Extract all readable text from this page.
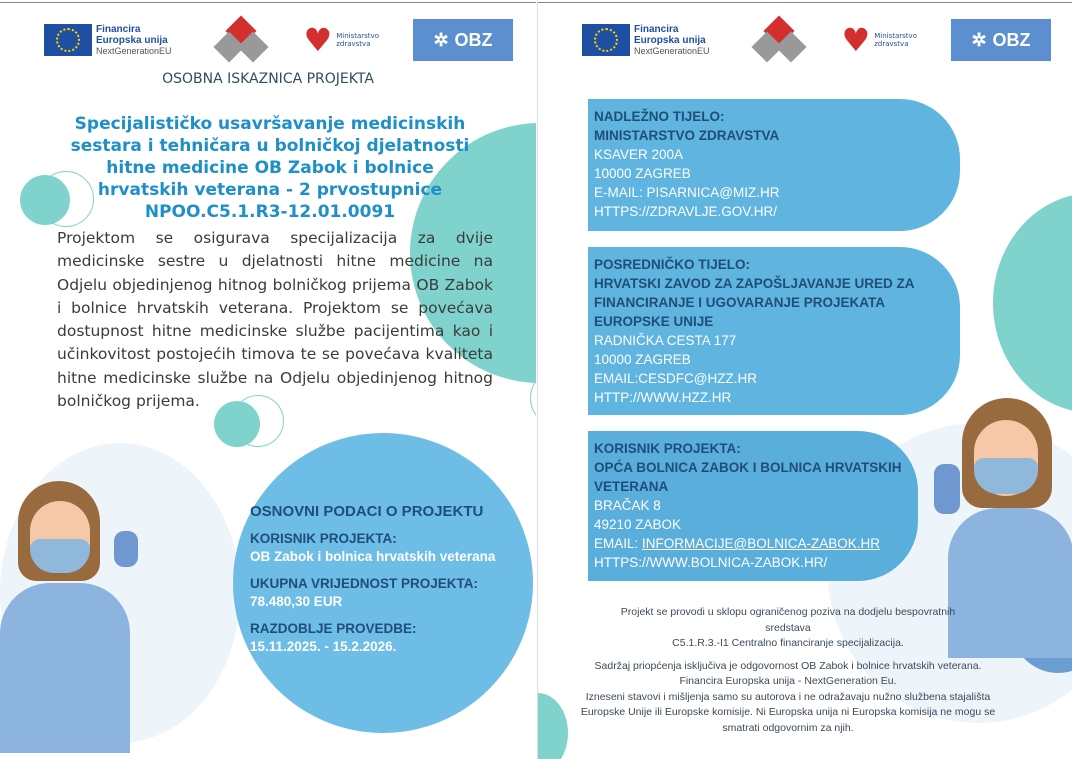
Financira
Europska unija
NextGenerationEU	♥ Ministarstvo
zdravstva	✲ OBZ
OSOBNA ISKAZNICA PROJEKTA
Specijalističko usavršavanje medicinskih sestara i tehničara u bolničkoj djelatnosti hitne medicine OB Zabok i bolnice hrvatskih veterana - 2 prvostupnice
NPOO.C5.1.R3-12.01.0091
Projektom se osigurava specijalizacija za dvije medicinske sestre u djelatnosti hitne medicine na Odjelu objedinjenog hitnog bolničkog prijema OB Zabok i bolnice hrvatskih veterana. Projektom se povećava dostupnost hitne medicinske službe pacijentima kao i učinkovitost postojećih timova te se povećava kvaliteta hitne medicinske službe na Odjelu objedinjenog hitnog bolničkog prijema.
OSNOVNI PODACI O PROJEKTU
KORISNIK PROJEKTA:
OB Zabok i bolnica hrvatskih veterana
UKUPNA VRIJEDNOST PROJEKTA:
78.480,30 EUR
RAZDOBLJE PROVEDBE:
15.11.2025. - 15.2.2026.
Financira
Europska unija
NextGenerationEU	♥ Ministarstvo
zdravstva	✲ OBZ
NADLEŽNO TIJELO:
MINISTARSTVO ZDRAVSTVA
KSAVER 200A
10000 ZAGREB
E-MAIL: PISARNICA@MIZ.HR
HTTPS://ZDRAVLJE.GOV.HR/
POSREDNIČKO TIJELO:
HRVATSKI ZAVOD ZA ZAPOŠLJAVANJE URED ZA FINANCIRANJE I UGOVARANJE PROJEKATA EUROPSKE UNIJE
RADNIČKA CESTA 177
10000 ZAGREB
EMAIL:CESDFC@HZZ.HR
HTTP://WWW.HZZ.HR
KORISNIK PROJEKTA:
OPĆA BOLNICA ZABOK I BOLNICA HRVATSKIH VETERANA
BRAČAK 8
49210 ZABOK
EMAIL: INFORMACIJE@BOLNICA-ZABOK.HR
HTTPS://WWW.BOLNICA-ZABOK.HR/
Projekt se provodi u sklopu ograničenog poziva na dodjelu bespovratnih sredstava
C5.1.R.3.-I1 Centralno financiranje specijalizacija.
Sadržaj priopćenja isključiva je odgovornost OB Zabok i bolnice hrvatskih veterana.
Financira Europska unija - NextGeneration Eu.
Izneseni stavovi i mišljenja samo su autorova i ne odražavaju nužno službena stajališta Europske Unije ili Europske komisije. Ni Europska unija ni Europska komisija ne mogu se smatrati odgovornim za njih.
